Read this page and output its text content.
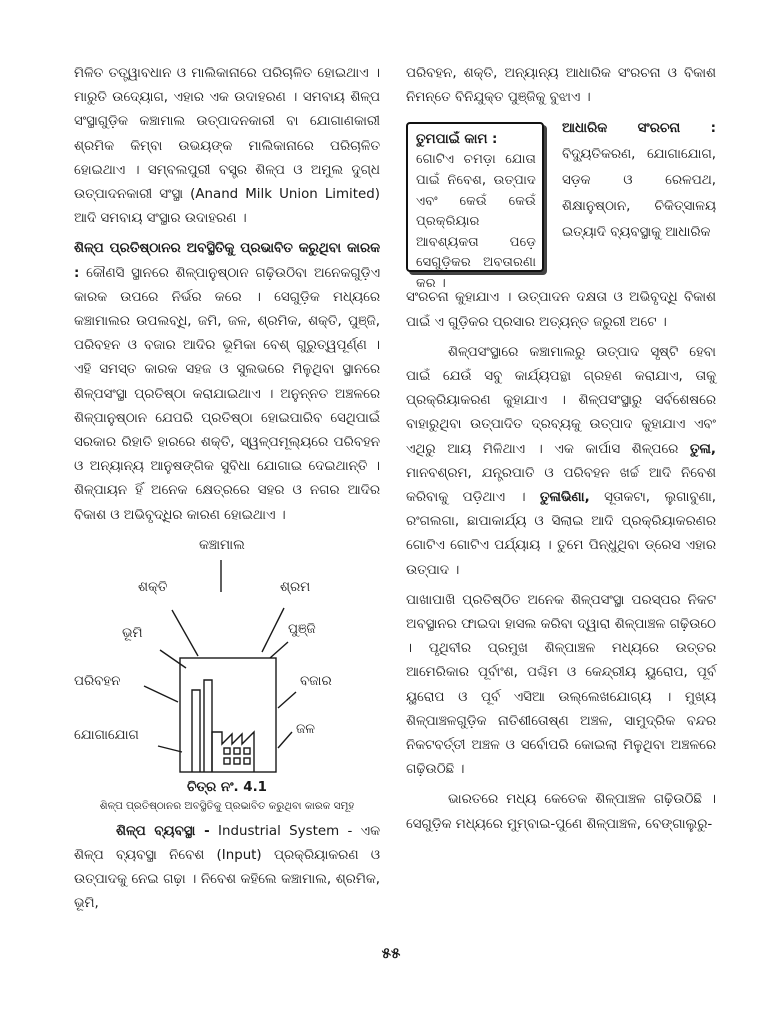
ମିଳିତ ତତ୍ତ୍ୱାବଧାନ ଓ ମାଲିକାନାରେ ପରିଚାଳିତ ହୋଇଥାଏ । ମାରୁତି ଉଦ୍ୟୋଗ, ଏହାର ଏକ ଉଦାହରଣ । ସମବାୟ ଶିଳ୍ପ ସଂସ୍ଥାଗୁଡ଼ିକ କଞ୍ଚାମାଲ ଉତ୍ପାଦନକାରୀ ବା ଯୋଗାଣକାରୀ ଶ୍ରମିକ କିମ୍ବା ଉଭୟଙ୍କ ମାଲିକାନାରେ ପରିଚାଳିତ ହୋଇଥାଏ । ସମ୍ବଲପୁରୀ ବସ୍ତ୍ର ଶିଳ୍ପ ଓ ଅମୁଲ ଦୁଗ୍ଧ ଉତ୍ପାଦନକାରୀ ସଂସ୍ଥା (Anand Milk Union Limited) ଆଦି ସମବାୟ ସଂସ୍ଥାର ଉଦାହରଣ ।

ଶିଳ୍ପ ପ୍ରତିଷ୍ଠାନର ଅବସ୍ଥିତିକୁ ପ୍ରଭାବିତ କରୁଥିବା କାରକ : କୌଣସି ସ୍ଥାନରେ ଶିଳ୍ପାନୁଷ୍ଠାନ ଗଢ଼ିଉଠିବା ଅନେକଗୁଡ଼ିଏ କାରକ ଉପରେ ନିର୍ଭର କରେ । ସେଗୁଡ଼ିକ ମଧ୍ୟରେ କଞ୍ଚାମାଲର ଉପଲବ୍ଧି, ଜମି, ଜଳ, ଶ୍ରମିକ, ଶକ୍ତି, ପୁଞ୍ଜି, ପରିବହନ ଓ ବଜାର ଆଦିର ଭୂମିକା ବେଶ୍ ଗୁରୁତ୍ୱପୂର୍ଣ୍ଣ । ଏହି ସମସ୍ତ କାରକ ସହଜ ଓ ସୁଲଭରେ ମିଳୁଥିବା ସ୍ଥାନରେ ଶିଳ୍ପସଂସ୍ଥା ପ୍ରତିଷ୍ଠା କରାଯାଇଥାଏ । ଅନୁନ୍ନତ ଅଞ୍ଚଳରେ ଶିଳ୍ପାନୁଷ୍ଠାନ ଯେପରି ପ୍ରତିଷ୍ଠା ହୋଇପାରିବ ସେଥିପାଇଁ ସରକାର ରିହାତି ହାରରେ ଶକ୍ତି, ସ୍ୱଳ୍ପମୂଲ୍ୟରେ ପରିବହନ ଓ ଅନ୍ୟାନ୍ୟ ଆନୁଷଙ୍ଗିକ ସୁବିଧା ଯୋଗାଇ ଦେଇଥାନ୍ତି । ଶିଳ୍ପାୟନ ହିଁ ଅନେକ କ୍ଷେତ୍ରରେ ସହର ଓ ନଗର ଆଦିର ବିକାଶ ଓ ଅଭିବୃଦ୍ଧିର କାରଣ ହୋଇଥାଏ ।

କଞ୍ଚାମାଲ
ଶକ୍ତି	ଶ୍ରମ
ଭୂମି	ପୁଞ୍ଜି
ପରିବହନ	ବଜାର
ଯୋଗାଯୋଗ	ଜଳ
ଚିତ୍ର ନଂ. 4.1
ଶିଳ୍ପ ପ୍ରତିଷ୍ଠାନର ଅବସ୍ଥିତିକୁ ପ୍ରଭାବିତ କରୁଥିବା କାରକ ସମୂହ

ଶିଳ୍ପ ବ୍ୟବସ୍ଥା - Industrial System - ଏକ ଶିଳ୍ପ ବ୍ୟବସ୍ଥା ନିବେଶ (Input) ପ୍ରକ୍ରିୟାକରଣ ଓ ଉତ୍ପାଦକୁ ନେଇ ଗଢ଼ା । ନିବେଶ କହିଲେ କଞ୍ଚାମାଲ, ଶ୍ରମିକ, ଭୂମି,

ପରିବହନ, ଶକ୍ତି, ଅନ୍ୟାନ୍ୟ ଆଧାରିକ ସଂରଚନା ଓ ବିକାଶ ନିମନ୍ତେ ବିନିଯୁକ୍ତ ପୁଞ୍ଜିକୁ ବୁଝାଏ ।

ତୁମପାଇଁ କାମ :
ଗୋଟିଏ ଚମଡ଼ା ଯୋତା ପାଇଁ ନିବେଶ, ଉତ୍ପାଦ ଏବଂ କେଉଁ କେଉଁ ପ୍ରକ୍ରିୟାର ଆବଶ୍ୟକତା ପଡ଼େ ସେଗୁଡ଼ିକର ଅବତାରଣା କର ।

ଆଧାରିକ ସଂରଚନା : ବିଦ୍ୟୁତିକରଣ, ଯୋଗାଯୋଗ, ସଡ଼କ ଓ ରେଳପଥ, ଶିକ୍ଷାନୁଷ୍ଠାନ, ଚିକିତ୍ସାଳୟ ଇତ୍ୟାଦି ବ୍ୟବସ୍ଥାକୁ ଆଧାରିକ

ସଂରଚନା କୁହାଯାଏ । ଉତ୍ପାଦନ ଦକ୍ଷତା ଓ ଅଭିବୃଦ୍ଧି ବିକାଶ ପାଇଁ ଏ ଗୁଡ଼ିକର ପ୍ରସାର ଅତ୍ୟନ୍ତ ଜରୁରୀ ଅଟେ ।

ଶିଳ୍ପସଂସ୍ଥାରେ କଞ୍ଚାମାଲରୁ ଉତ୍ପାଦ ସୃଷ୍ଟି ହେବା ପାଇଁ ଯେଉଁ ସବୁ କାର୍ଯ୍ୟପନ୍ଥା ଗ୍ରହଣ କରାଯାଏ, ତାକୁ ପ୍ରକ୍ରିୟାକରଣ କୁହାଯାଏ । ଶିଳ୍ପସଂସ୍ଥାରୁ ସର୍ବଶେଷରେ ବାହାରୁଥିବା ଉତ୍ପାଦିତ ଦ୍ରବ୍ୟକୁ ଉତ୍ପାଦ କୁହାଯାଏ ଏବଂ ଏଥିରୁ ଆୟ ମିଳିଥାଏ । ଏକ କାର୍ପାସ ଶିଳ୍ପରେ ତୁଳା, ମାନବଶ୍ରମ, ଯନ୍ତ୍ରପାତି ଓ ପରିବହନ ଖର୍ଚ୍ଚ ଆଦି ନିବେଶ କରିବାକୁ ପଡ଼ିଥାଏ । ତୁଳାଭିଣା, ସୂତାକଟା, ଲୁଗାବୁଣା, ରଂଗଲଗା, ଛାପାକାର୍ଯ୍ୟ ଓ ସିଲାଇ ଆଦି ପ୍ରକ୍ରିୟାକରଣର ଗୋଟିଏ ଗୋଟିଏ ପର୍ଯ୍ୟାୟ । ତୁମେ ପିନ୍ଧୁଥିବା ଡ୍ରେସ ଏହାର ଉତ୍ପାଦ ।

ପାଖାପାଖି ପ୍ରତିଷ୍ଠିତ ଅନେକ ଶିଳ୍ପସଂସ୍ଥା ପରସ୍ପର ନିକଟ ଅବସ୍ଥାନର ଫାଇଦା ହାସଲ କରିବା ଦ୍ୱାରା ଶିଳ୍ପାଞ୍ଚଳ ଗଢ଼ିଉଠେ । ପୃଥିବୀର ପ୍ରମୁଖ ଶିଳ୍ପାଞ୍ଚଳ ମଧ୍ୟରେ ଉତ୍ତର ଆମେରିକାର ପୂର୍ବାଂଶ, ପଶ୍ଚିମ ଓ କେନ୍ଦ୍ରୀୟ ୟୁରୋପ, ପୂର୍ବ ୟୁରୋପ ଓ ପୂର୍ବ ଏସିଆ ଉଲ୍ଲେଖଯୋଗ୍ୟ । ମୁଖ୍ୟ ଶିଳ୍ପାଞ୍ଚଳଗୁଡ଼ିକ ନାତିଶୀତୋଷ୍ଣ ଅଞ୍ଚଳ, ସାମୁଦ୍ରିକ ବନ୍ଦର ନିକଟବର୍ତ୍ତୀ ଅଞ୍ଚଳ ଓ ସର୍ବୋପରି କୋଇଲା ମିଳୁଥିବା ଅଞ୍ଚଳରେ ଗଢ଼ିଉଠିଛି ।

ଭାରତରେ ମଧ୍ୟ କେତେକ ଶିଳ୍ପାଞ୍ଚଳ ଗଢ଼ିଉଠିଛି । ସେଗୁଡ଼ିକ ମଧ୍ୟରେ ମୁମ୍ବାଇ-ପୁଣେ ଶିଳ୍ପାଞ୍ଚଳ, ବେଙ୍ଗାଲୁରୁ-

୫୫
